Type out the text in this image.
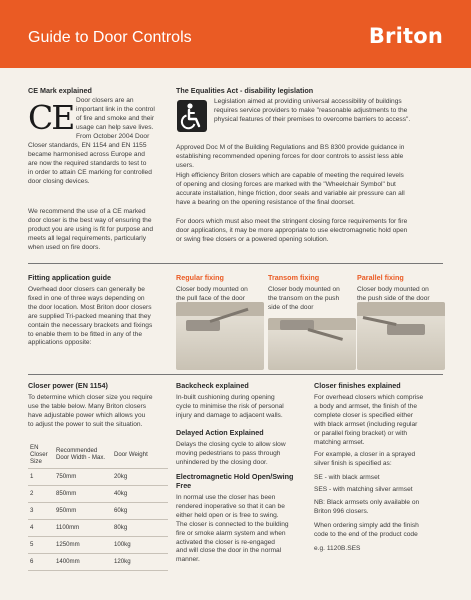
Guide to Door Controls	Briton
CE Mark explained
CE Door closers are an
important link in the control
of fire and smoke and their
usage can help save lives.
From October 2004 Door
Closer standards, EN 1154 and EN 1155
became harmonised across Europe and
are now the required standards to test to
in order to attain CE marking for controlled
door closing devices.
We recommend the use of a CE marked
door closer is the best way of ensuring the
product you are using is fit for purpose and
meets all legal requirements, particularly
when used on fire doors.
The Equalities Act - disability legislation
Legislation aimed at providing universal accessibility of buildings
requires service providers to make "reasonable adjustments to the
physical features of their premises to overcome barriers to access".
Approved Doc M of the Building Regulations and BS 8300 provide guidance in
establishing recommended opening forces for door controls to assist less able
users.
High efficiency Briton closers which are capable of meeting the required levels
of opening and closing forces are marked with the "Wheelchair Symbol" but
accurate installation, hinge friction, door seals and variable air pressure can all
have a bearing on the opening resistance of the final doorset.
For doors which must also meet the stringent closing force requirements for fire
door applications, it may be more appropriate to use electromagnetic hold open
or swing free closers or a powered opening solution.
Fitting application guide
Overhead door closers can generally be
fixed in one of three ways depending on
the door location. Most Briton door closers
are supplied Tri-packed meaning that they
contain the necessary brackets and fixings
to enable them to be fitted in any of the
applications opposite:
Regular fixing
Closer body mounted on
the pull face of the door
Transom fixing
Closer body mounted on
the transom on the push
side of the door
Parallel fixing
Closer body mounted on
the push side of the door
Closer power (EN 1154)
To determine which closer size you require
use the table below. Many Briton closers
have adjustable power which allows you
to adjust the power to suit the situation.
EN Closer Size	Recommended Door Width - Max.	Door Weight
1	750mm	20kg
2	850mm	40kg
3	950mm	60kg
4	1100mm	80kg
5	1250mm	100kg
6	1400mm	120kg
Backcheck explained
In-built cushioning during opening
cycle to minimise the risk of personal
injury and damage to adjacent walls.
Delayed Action Explained
Delays the closing cycle to allow slow
moving pedestrians to pass through
unhindered by the closing door.
Electromagnetic Hold Open/Swing
Free
In normal use the closer has been
rendered inoperative so that it can be
either held open or is free to swing.
The closer is connected to the building
fire or smoke alarm system and when
activated the closer is re-engaged
and will close the door in the normal
manner.
Closer finishes explained
For overhead closers which comprise
a body and armset, the finish of the
complete closer is specified either
with black armset (including regular
or parallel fixing bracket) or with
matching armset.
For example, a closer in a sprayed
silver finish is specified as:
SE - with black armset
SES - with matching silver armset
NB: Black armsets only available on
Briton 996 closers.
When ordering simply add the finish
code to the end of the product code
e.g. 1120B.SES
